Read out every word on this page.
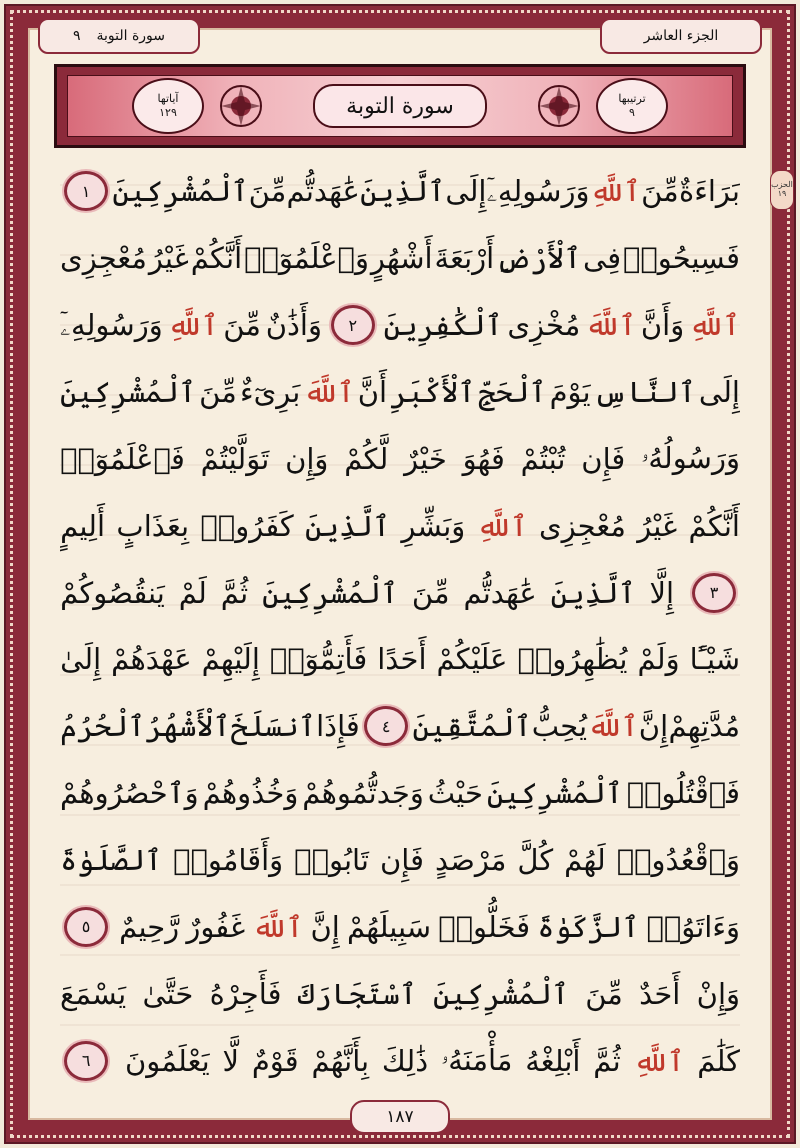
الجزء العاشر
سورة التوبة
٩
ترتيبها
٩
سورة التوبة
آياتها
١٢٩
الحزب
١٩
بَرَاءَةٌ
مِّنَ
ٱللَّهِ
وَرَسُولِهِۦٓ
إِلَى
ٱلَّذِينَ
عَٰهَدتُّم
مِّنَ
ٱلْمُشْرِكِينَ
١
فَسِيحُوا۟
فِى
ٱلْأَرْضِ
أَرْبَعَةَ
أَشْهُرٍ
وَٱعْلَمُوٓا۟
أَنَّكُمْ
غَيْرُ
مُعْجِزِى
ٱللَّهِ
وَأَنَّ
ٱللَّهَ
مُخْزِى
ٱلْكَٰفِرِينَ
٢
وَأَذَٰنٌ
مِّنَ
ٱللَّهِ
وَرَسُولِهِۦٓ
إِلَى
ٱلنَّاسِ
يَوْمَ
ٱلْحَجِّ
ٱلْأَكْبَرِ
أَنَّ
ٱللَّهَ
بَرِىٓءٌ
مِّنَ
ٱلْمُشْرِكِينَ
وَرَسُولُهُۥ
فَإِن
تُبْتُمْ
فَهُوَ
خَيْرٌ
لَّكُمْ
وَإِن
تَوَلَّيْتُمْ
فَٱعْلَمُوٓا۟
أَنَّكُمْ
غَيْرُ
مُعْجِزِى
ٱللَّهِ
وَبَشِّرِ
ٱلَّذِينَ
كَفَرُوا۟
بِعَذَابٍ
أَلِيمٍ
٣
إِلَّا
ٱلَّذِينَ
عَٰهَدتُّم
مِّنَ
ٱلْمُشْرِكِينَ
ثُمَّ
لَمْ
يَنقُصُوكُمْ
شَيْـًٔا
وَلَمْ
يُظَٰهِرُوا۟
عَلَيْكُمْ
أَحَدًا
فَأَتِمُّوٓا۟
إِلَيْهِمْ
عَهْدَهُمْ
إِلَىٰ
مُدَّتِهِمْ
إِنَّ
ٱللَّهَ
يُحِبُّ
ٱلْمُتَّقِينَ
٤
فَإِذَا
ٱنسَلَخَ
ٱلْأَشْهُرُ
ٱلْحُرُمُ
فَٱقْتُلُوا۟
ٱلْمُشْرِكِينَ
حَيْثُ
وَجَدتُّمُوهُمْ
وَخُذُوهُمْ
وَٱحْصُرُوهُمْ
وَٱقْعُدُوا۟
لَهُمْ
كُلَّ
مَرْصَدٍ
فَإِن
تَابُوا۟
وَأَقَامُوا۟
ٱلصَّلَوٰةَ
وَءَاتَوُا۟
ٱلزَّكَوٰةَ
فَخَلُّوا۟
سَبِيلَهُمْ
إِنَّ
ٱللَّهَ
غَفُورٌ
رَّحِيمٌ
٥
وَإِنْ
أَحَدٌ
مِّنَ
ٱلْمُشْرِكِينَ
ٱسْتَجَارَكَ
فَأَجِرْهُ
حَتَّىٰ
يَسْمَعَ
كَلَٰمَ
ٱللَّهِ
ثُمَّ
أَبْلِغْهُ
مَأْمَنَهُۥ
ذَٰلِكَ
بِأَنَّهُمْ
قَوْمٌ
لَّا
يَعْلَمُونَ
٦
١٨٧
